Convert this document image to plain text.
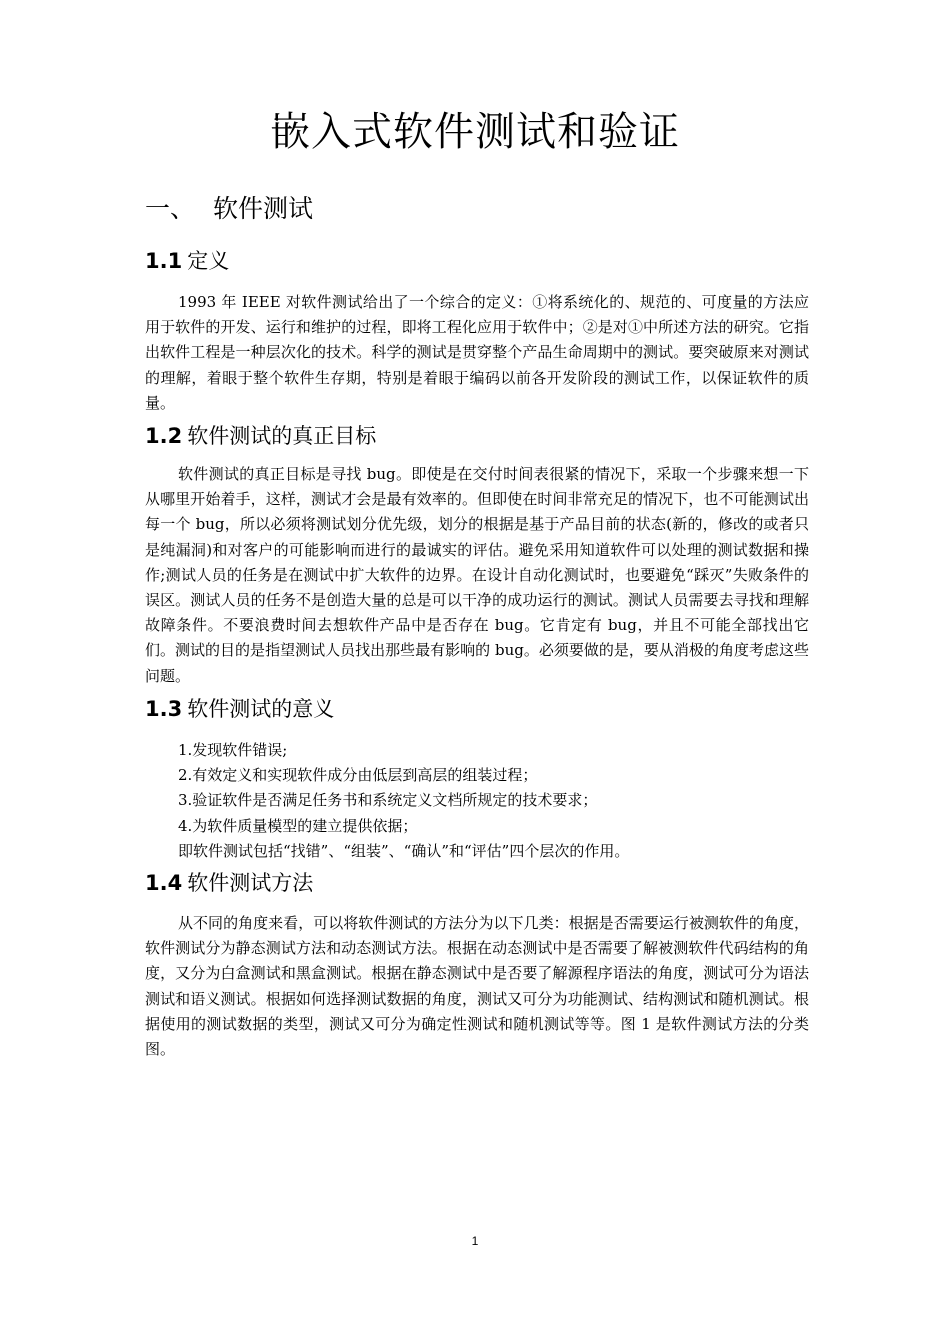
嵌入式软件测试和验证
一、 软件测试
1.1 定义

1993 年 IEEE 对软件测试给出了一个综合的定义：①将系统化的、规范的、可度量的方法应用于软件的开发、运行和维护的过程，即将工程化应用于软件中；②是对①中所述方法的研究。它指出软件工程是一种层次化的技术。科学的测试是贯穿整个产品生命周期中的测试。要突破原来对测试的理解，着眼于整个软件生存期，特别是着眼于编码以前各开发阶段的测试工作，以保证软件的质量。

1.2 软件测试的真正目标

软件测试的真正目标是寻找 bug。即使是在交付时间表很紧的情况下，采取一个步骤来想一下从哪里开始着手，这样，测试才会是最有效率的。但即使在时间非常充足的情况下，也不可能测试出每一个 bug，所以必须将测试划分优先级，划分的根据是基于产品目前的状态(新的，修改的或者只是纯漏洞)和对客户的可能影响而进行的最诚实的评估。避免采用知道软件可以处理的测试数据和操作;测试人员的任务是在测试中扩大软件的边界。在设计自动化测试时，也要避免“踩灭”失败条件的误区。测试人员的任务不是创造大量的总是可以干净的成功运行的测试。测试人员需要去寻找和理解故障条件。不要浪费时间去想软件产品中是否存在 bug。它肯定有 bug，并且不可能全部找出它们。测试的目的是指望测试人员找出那些最有影响的 bug。必须要做的是，要从消极的角度考虑这些问题。

1.3 软件测试的意义
1.发现软件错误;
2.有效定义和实现软件成分由低层到高层的组装过程；
3.验证软件是否满足任务书和系统定义文档所规定的技术要求；
4.为软件质量模型的建立提供依据；
即软件测试包括“找错”、“组装”、“确认”和“评估”四个层次的作用。
1.4 软件测试方法

从不同的角度来看，可以将软件测试的方法分为以下几类：根据是否需要运行被测软件的角度，软件测试分为静态测试方法和动态测试方法。根据在动态测试中是否需要了解被测软件代码结构的角度，又分为白盒测试和黑盒测试。根据在静态测试中是否要了解源程序语法的角度，测试可分为语法测试和语义测试。根据如何选择测试数据的角度，测试又可分为功能测试、结构测试和随机测试。根据使用的测试数据的类型，测试又可分为确定性测试和随机测试等等。图 1 是软件测试方法的分类图。

1
